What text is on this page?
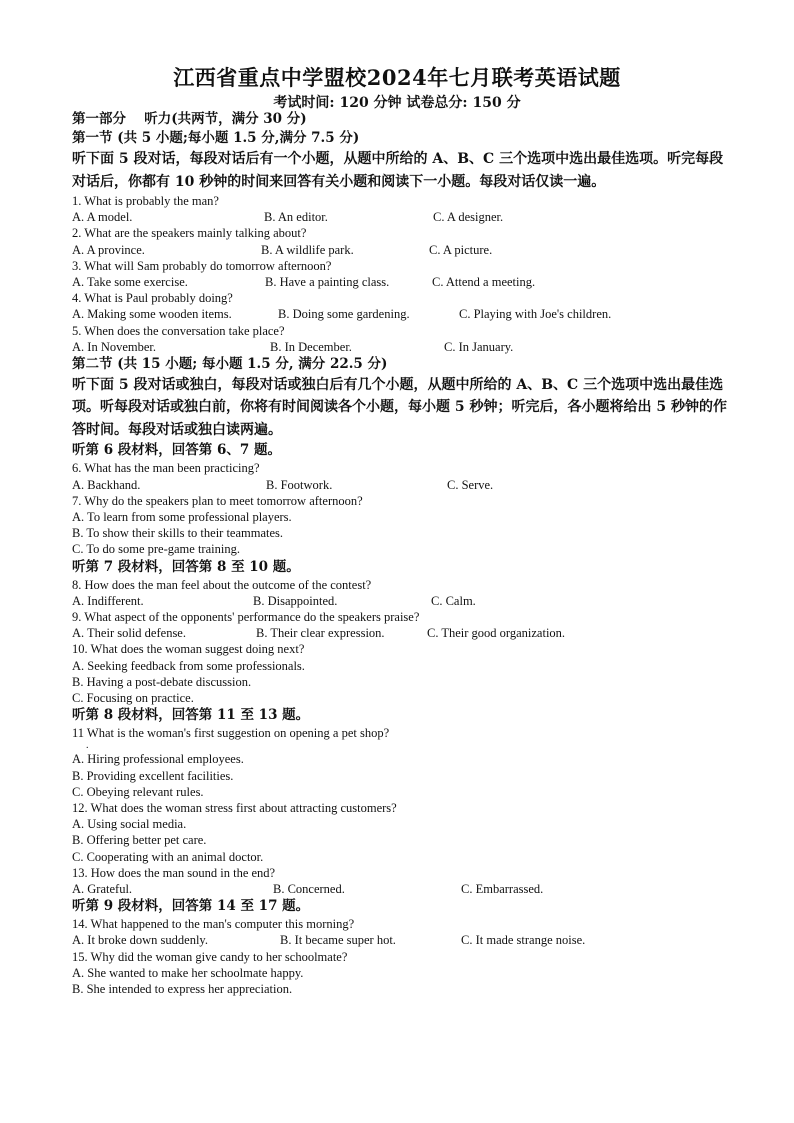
江西省重点中学盟校2024年七月联考英语试题
考试时间: 120 分钟 试卷总分: 150 分
第一部分　 听力(共两节，满分 30 分)
第一节 (共 5 小题;每小题 1.5 分,满分 7.5 分)
听下面 5 段对话，每段对话后有一个小题，从题中所给的 A、B、C 三个选项中选出最佳选项。听完每段对话后，你都有 10 秒钟的时间来回答有关小题和阅读下一小题。每段对话仅读一遍。
1. What is probably the man?
A. A model.	B. An editor.	C. A designer.
2. What are the speakers mainly talking about?
A. A province.	B. A wildlife park.	C. A picture.
3. What will Sam probably do tomorrow afternoon?
A. Take some exercise.	B. Have a painting class.	C. Attend a meeting.
4. What is Paul probably doing?
A. Making some wooden items.	B. Doing some gardening.	C. Playing with Joe's children.
5. When does the conversation take place?
A. In November.	B. In December.	C. In January.
第二节 (共 15 小题; 每小题 1.5 分, 满分 22.5 分)
听下面 5 段对话或独白，每段对话或独白后有几个小题，从题中所给的 A、B、C 三个选项中选出最佳选项。听每段对话或独白前，你将有时间阅读各个小题，每小题 5 秒钟；听完后，各小题将给出 5 秒钟的作答时间。每段对话或独白读两遍。
听第 6 段材料，回答第 6、7 题。
6. What has the man been practicing?
A. Backhand.	B. Footwork.	C. Serve.
7. Why do the speakers plan to meet tomorrow afternoon?
A. To learn from some professional players.
B. To show their skills to their teammates.
C. To do some pre-game training.
听第 7 段材料，回答第 8 至 10 题。
8. How does the man feel about the outcome of the contest?
A. Indifferent.	B. Disappointed.	C. Calm.
9. What aspect of the opponents' performance do the speakers praise?
A. Their solid defense.	B. Their clear expression.	C. Their good organization.
10. What does the woman suggest doing next?
A. Seeking feedback from some professionals.
B. Having a post-debate discussion.
C. Focusing on practice.
听第 8 段材料，回答第 11 至 13 题。
11 What is the woman's first suggestion on opening a pet shop?
.
A. Hiring professional employees.
B. Providing excellent facilities.
C. Obeying relevant rules.
12. What does the woman stress first about attracting customers?
A. Using social media.
B. Offering better pet care.
C. Cooperating with an animal doctor.
13. How does the man sound in the end?
A. Grateful.	B. Concerned.	C. Embarrassed.
听第 9 段材料，回答第 14 至 17 题。
14. What happened to the man's computer this morning?
A. It broke down suddenly.	B. It became super hot.	C. It made strange noise.
15. Why did the woman give candy to her schoolmate?
A. She wanted to make her schoolmate happy.
B. She intended to express her appreciation.
